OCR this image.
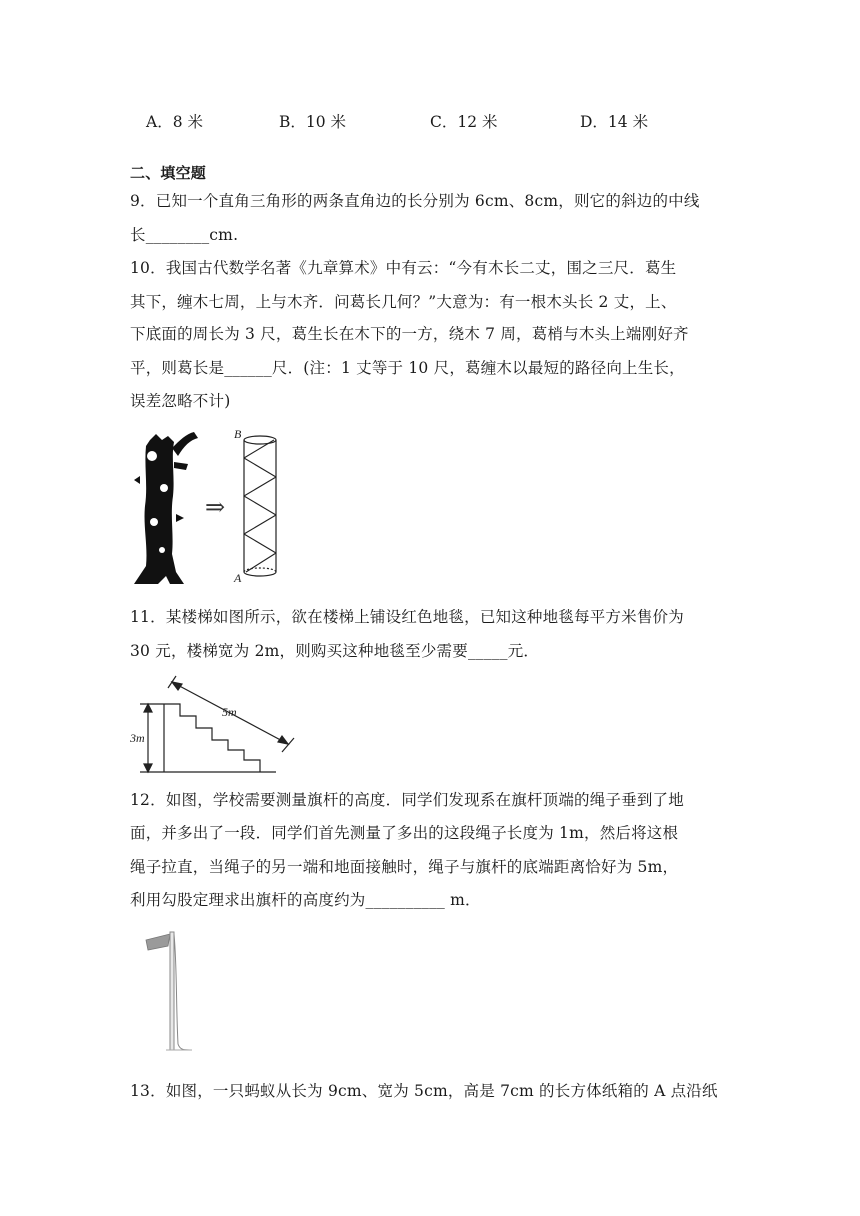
A．8 米	B．10 米	C．12 米	D．14 米
二、填空题
9．已知一个直角三角形的两条直角边的长分别为 6cm、8cm，则它的斜边的中线
长________cm.
10．我国古代数学名著《九章算术》中有云：“今有木长二丈，围之三尺．葛生
其下，缠木七周，上与木齐．问葛长几何？”大意为：有一根木头长 2 丈，上、
下底面的周长为 3 尺，葛生长在木下的一方，绕木 7 周，葛梢与木头上端刚好齐
平，则葛长是______尺．(注：1 丈等于 10 尺，葛缠木以最短的路径向上生长，
误差忽略不计)
⇒
B
A
11．某楼梯如图所示，欲在楼梯上铺设红色地毯，已知这种地毯每平方米售价为
30 元，楼梯宽为 2m，则购买这种地毯至少需要_____元．
3m
5m
12．如图，学校需要测量旗杆的高度．同学们发现系在旗杆顶端的绳子垂到了地
面，并多出了一段．同学们首先测量了多出的这段绳子长度为 1m，然后将这根
绳子拉直，当绳子的另一端和地面接触时，绳子与旗杆的底端距离恰好为 5m，
利用勾股定理求出旗杆的高度约为__________ m．
13．如图，一只蚂蚁从长为 9cm、宽为 5cm，高是 7cm 的长方体纸箱的 A 点沿纸
